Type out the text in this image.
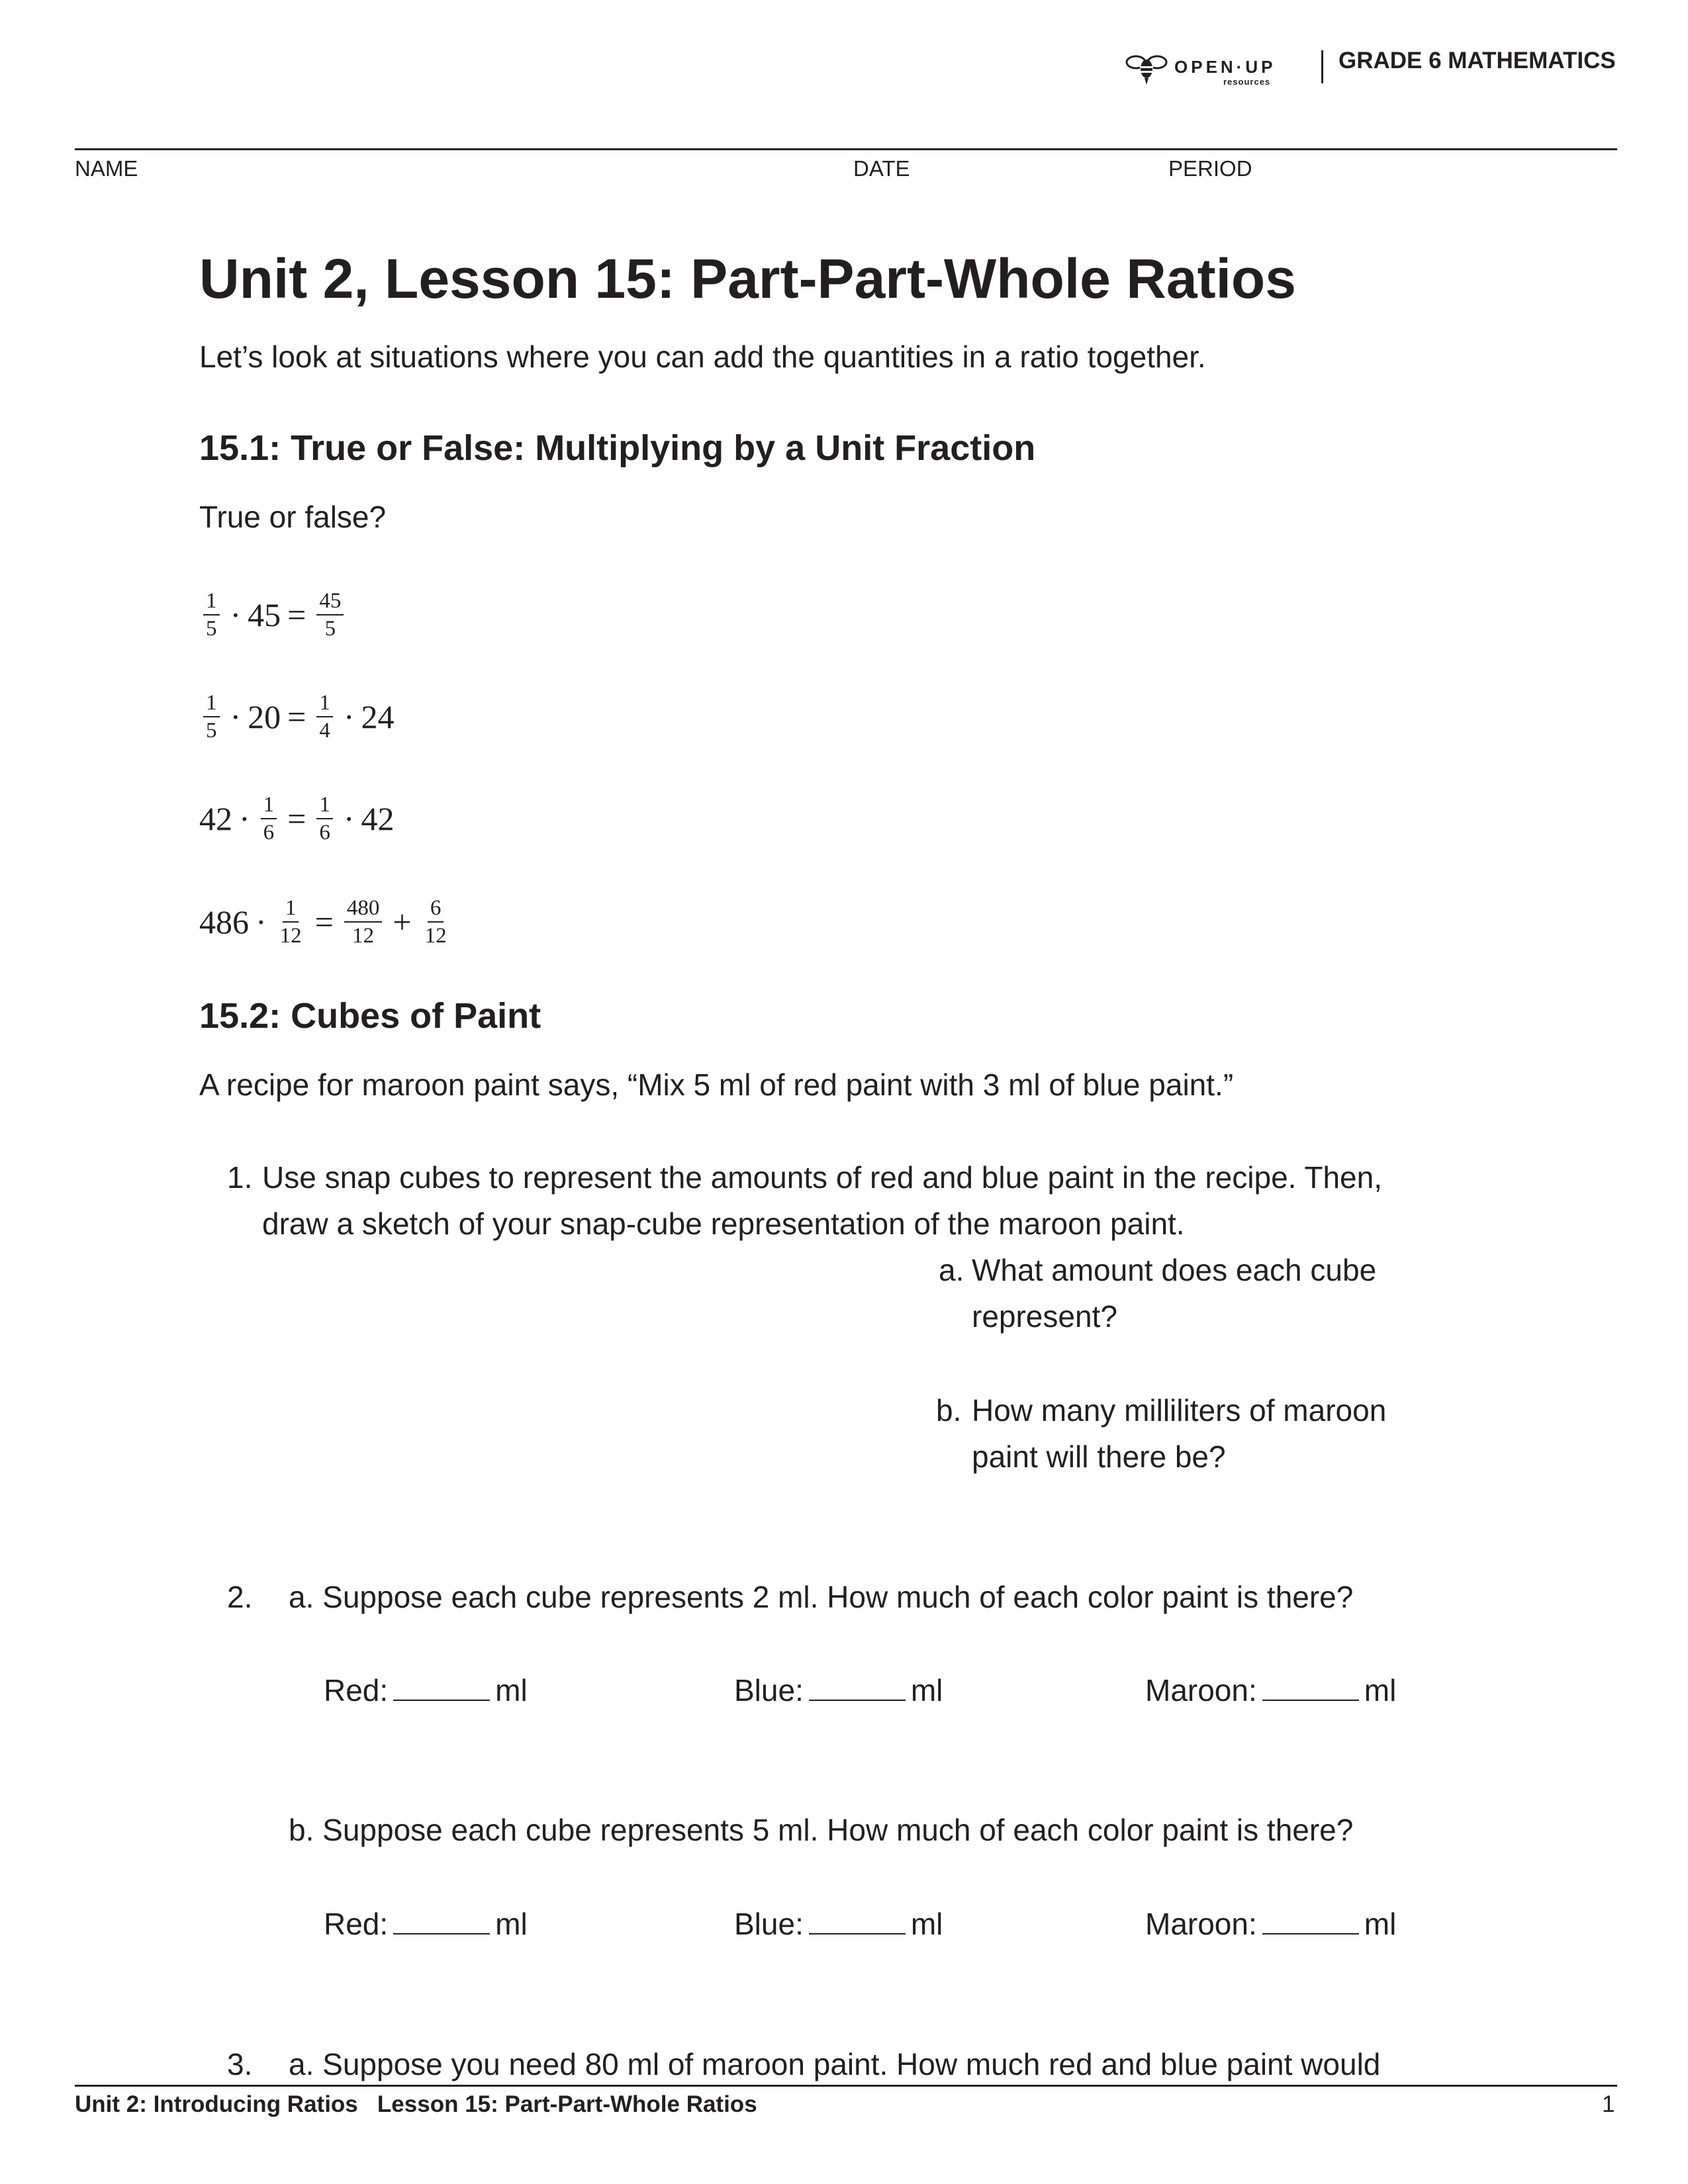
OPEN·UP
resources
GRADE 6 MATHEMATICS
NAME	DATE	PERIOD
Unit 2, Lesson 15: Part-Part-Whole Ratios
Let’s look at situations where you can add the quantities in a ratio together.
15.1: True or False: Multiplying by a Unit Fraction
True or false?
$\frac{1}{5} \cdot 45 = \frac{45}{5}$
$\frac{1}{5} \cdot 20 = \frac{1}{4} \cdot 24$
$42 \cdot \frac{1}{6} = \frac{1}{6} \cdot 42$
$486 \cdot \frac{1}{12} = \frac{480}{12} + \frac{6}{12}$
15.2: Cubes of Paint
A recipe for maroon paint says, “Mix 5 ml of red paint with 3 ml of blue paint.”
1. Use snap cubes to represent the amounts of red and blue paint in the recipe. Then,
draw a sketch of your snap-cube representation of the maroon paint.
a. What amount does each cube
represent?
b. How many milliliters of maroon
paint will there be?
2. a. Suppose each cube represents 2 ml. How much of each color paint is there?
Red:	ml	Blue:	ml	Maroon:	ml
b. Suppose each cube represents 5 ml. How much of each color paint is there?
Red:	ml	Blue:	ml	Maroon:	ml
3. a. Suppose you need 80 ml of maroon paint. How much red and blue paint would
Unit 2: Introducing Ratios   Lesson 15: Part-Part-Whole Ratios	1
